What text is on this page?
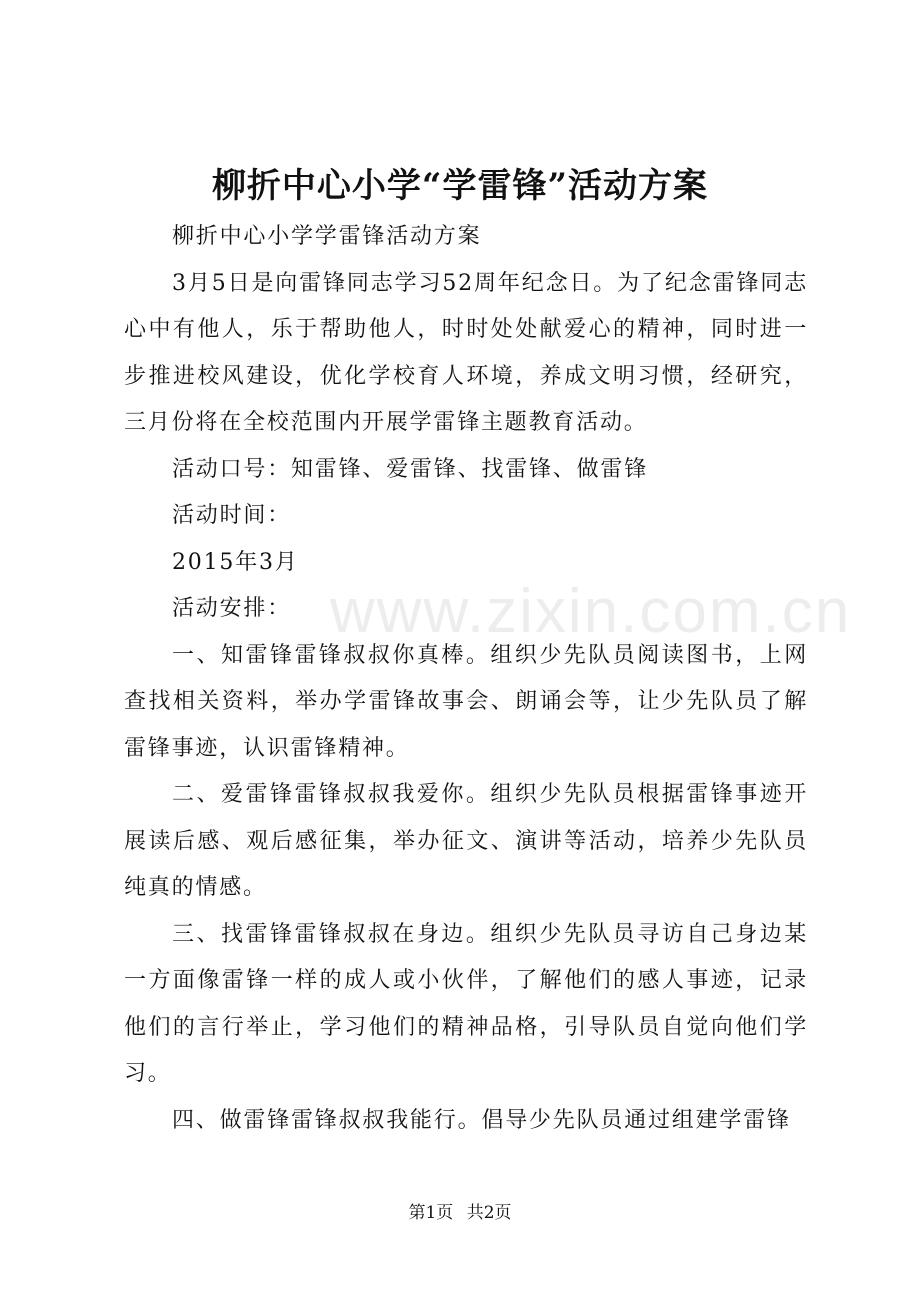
柳折中心小学“学雷锋”活动方案

柳折中心小学学雷锋活动方案

3月5日是向雷锋同志学习52周年纪念日。为了纪念雷锋同志心中有他人，乐于帮助他人，时时处处献爱心的精神，同时进一步推进校风建设，优化学校育人环境，养成文明习惯，经研究，三月份将在全校范围内开展学雷锋主题教育活动。

活动口号：知雷锋、爱雷锋、找雷锋、做雷锋

活动时间：

2015年3月

活动安排：

一、知雷锋雷锋叔叔你真棒。组织少先队员阅读图书，上网查找相关资料，举办学雷锋故事会、朗诵会等，让少先队员了解雷锋事迹，认识雷锋精神。

二、爱雷锋雷锋叔叔我爱你。组织少先队员根据雷锋事迹开展读后感、观后感征集，举办征文、演讲等活动，培养少先队员纯真的情感。

三、找雷锋雷锋叔叔在身边。组织少先队员寻访自己身边某一方面像雷锋一样的成人或小伙伴，了解他们的感人事迹，记录他们的言行举止，学习他们的精神品格，引导队员自觉向他们学习。

四、做雷锋雷锋叔叔我能行。倡导少先队员通过组建学雷锋

www.zixin.com.cn
第1页 共2页
